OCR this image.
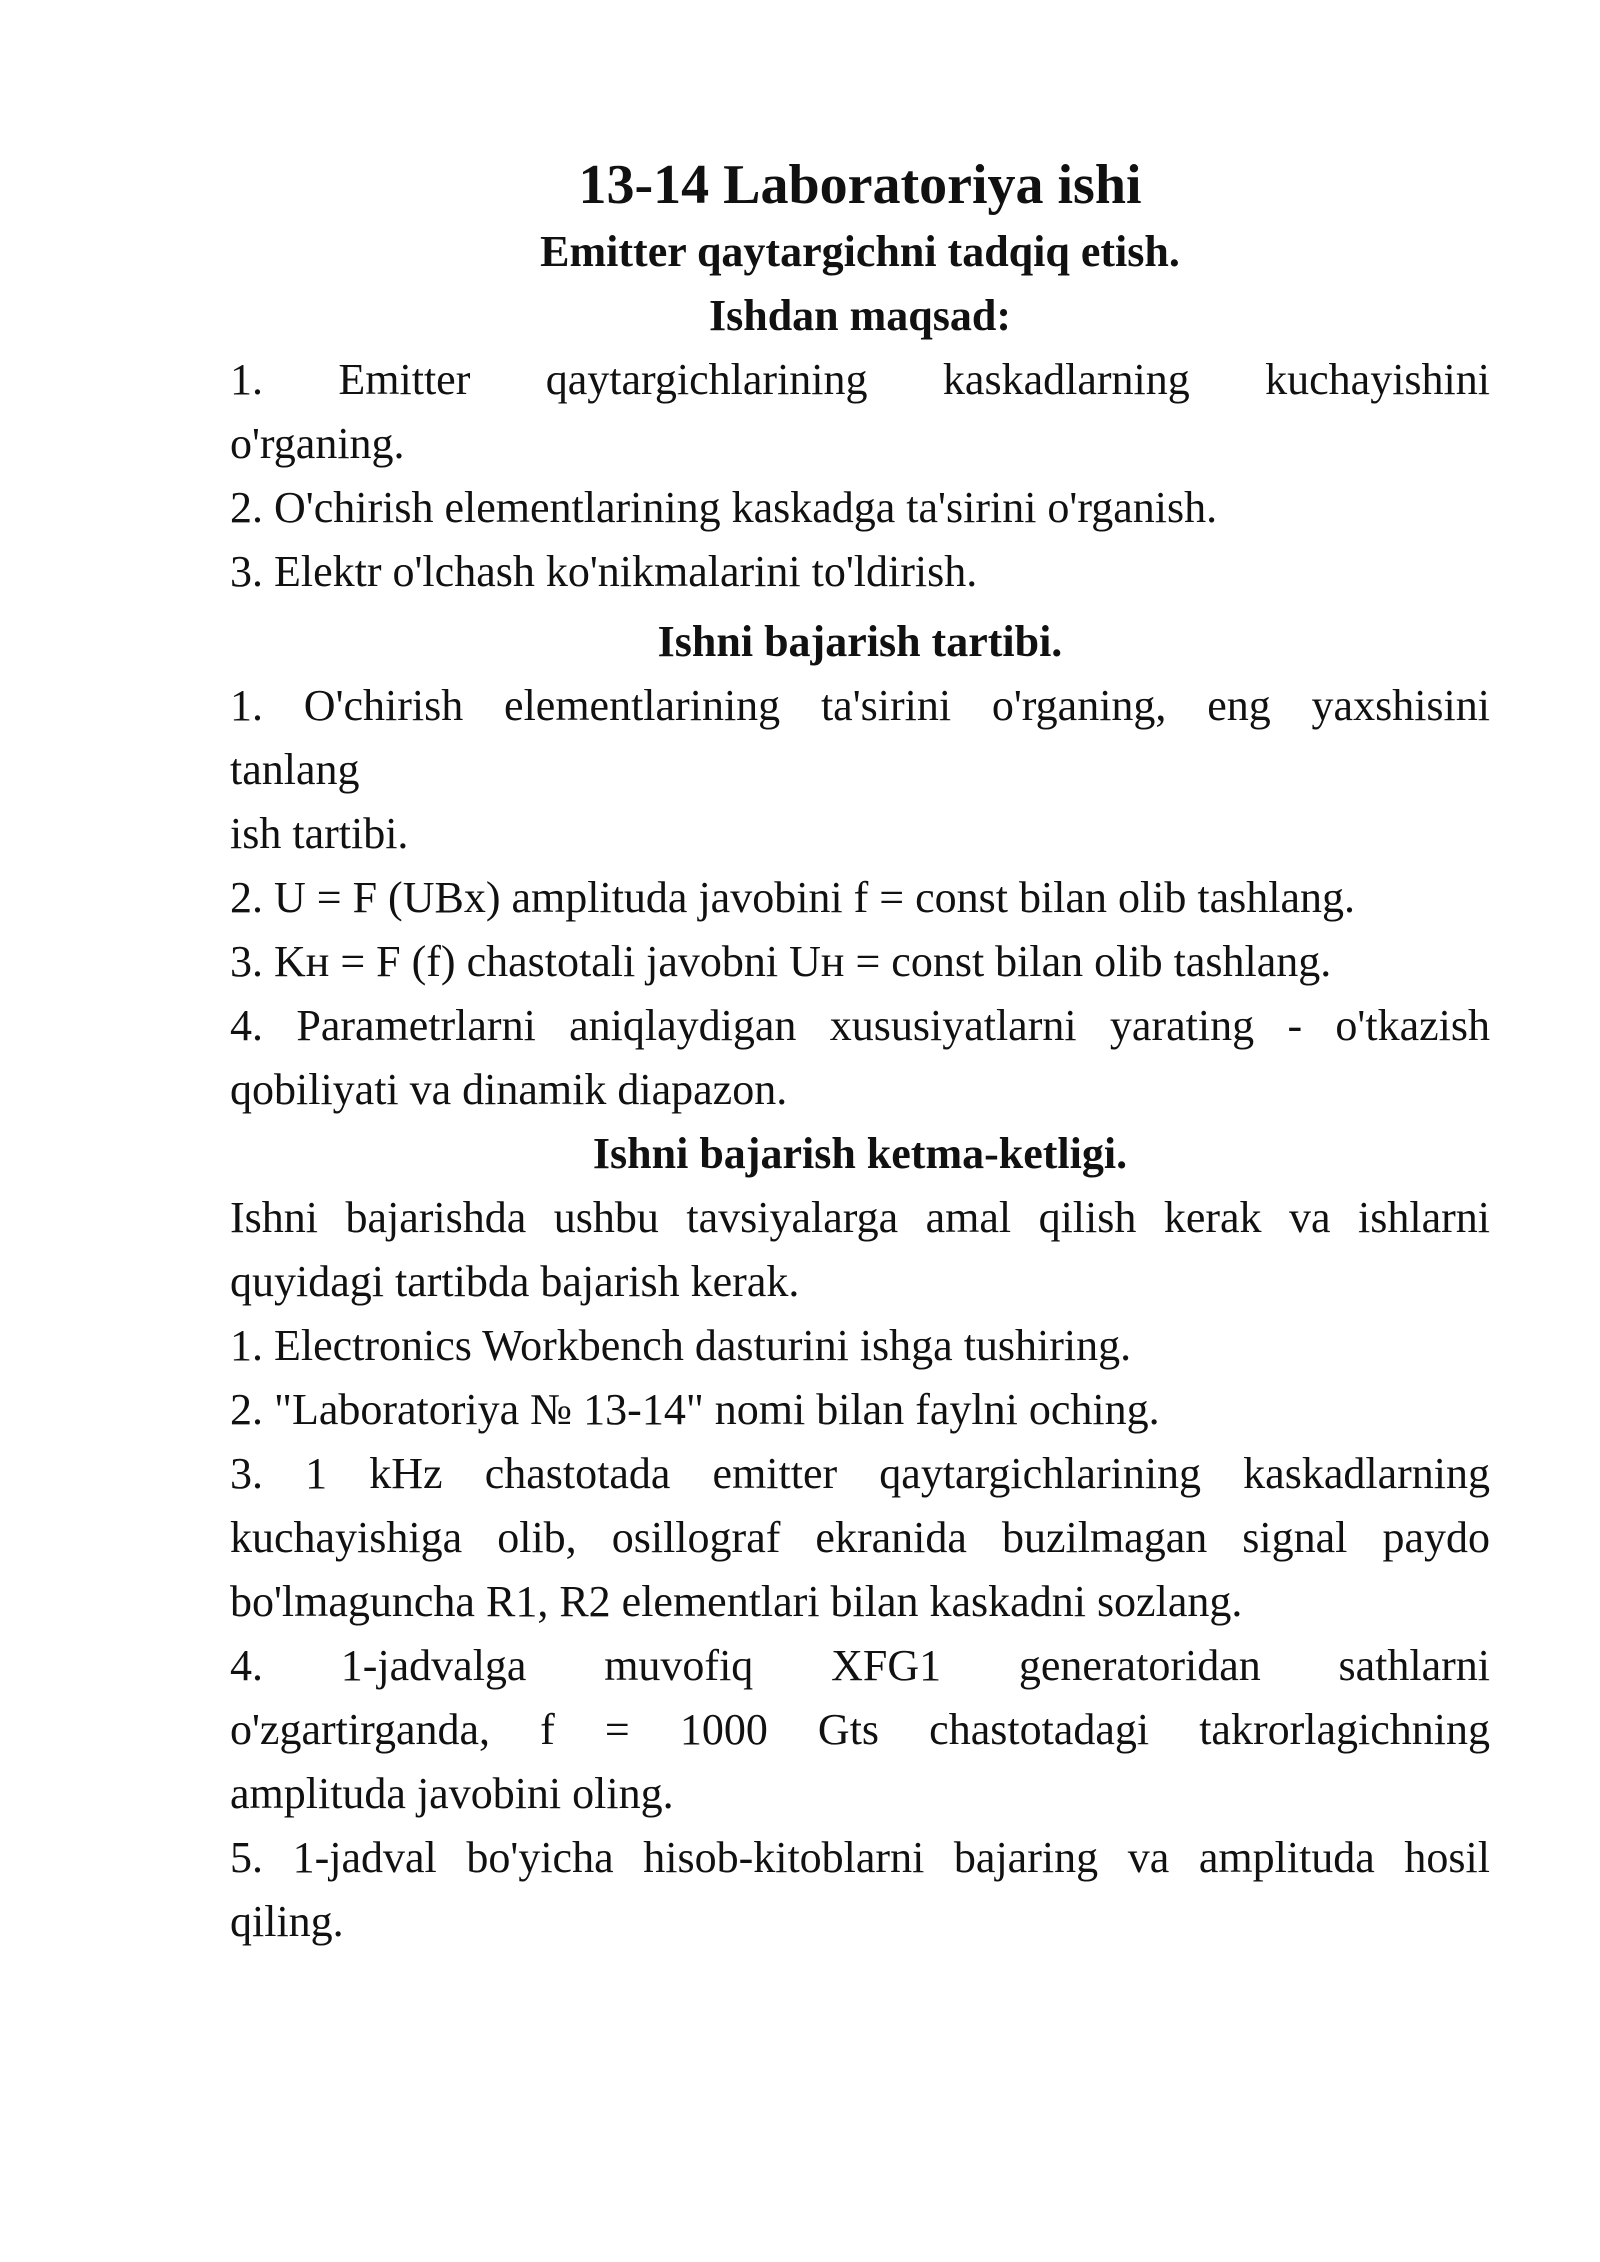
13-14 Laboratoriya ishi

Emitter qaytargichni tadqiq etish.

Ishdan maqsad:

1. Emitter qaytargichlarining kaskadlarning kuchayishini

o'rganing.

2. O'chirish elementlarining kaskadga ta'sirini o'rganish.

3. Elektr o'lchash ko'nikmalarini to'ldirish.

Ishni bajarish tartibi.

1. O'chirish elementlarining ta'sirini o'rganing, eng yaxshisini

tanlang

ish tartibi.

2. U = F (UBx) amplituda javobini f = const bilan olib tashlang.

3. Kн = F (f) chastotali javobni Uн = const bilan olib tashlang.

4. Parametrlarni aniqlaydigan xususiyatlarni yarating - o'tkazish

qobiliyati va dinamik diapazon.

Ishni bajarish ketma-ketligi.

Ishni bajarishda ushbu tavsiyalarga amal qilish kerak va ishlarni

quyidagi tartibda bajarish kerak.

1. Electronics Workbench dasturini ishga tushiring.

2. "Laboratoriya № 13-14" nomi bilan faylni oching.

3. 1 kHz chastotada emitter qaytargichlarining kaskadlarning

kuchayishiga olib, osillograf ekranida buzilmagan signal paydo

bo'lmaguncha R1, R2 elementlari bilan kaskadni sozlang.

4. 1-jadvalga muvofiq XFG1 generatoridan sathlarni

o'zgartirganda, f = 1000 Gts chastotadagi takrorlagichning

amplituda javobini oling.

5. 1-jadval bo'yicha hisob-kitoblarni bajaring va amplituda hosil

qiling.
